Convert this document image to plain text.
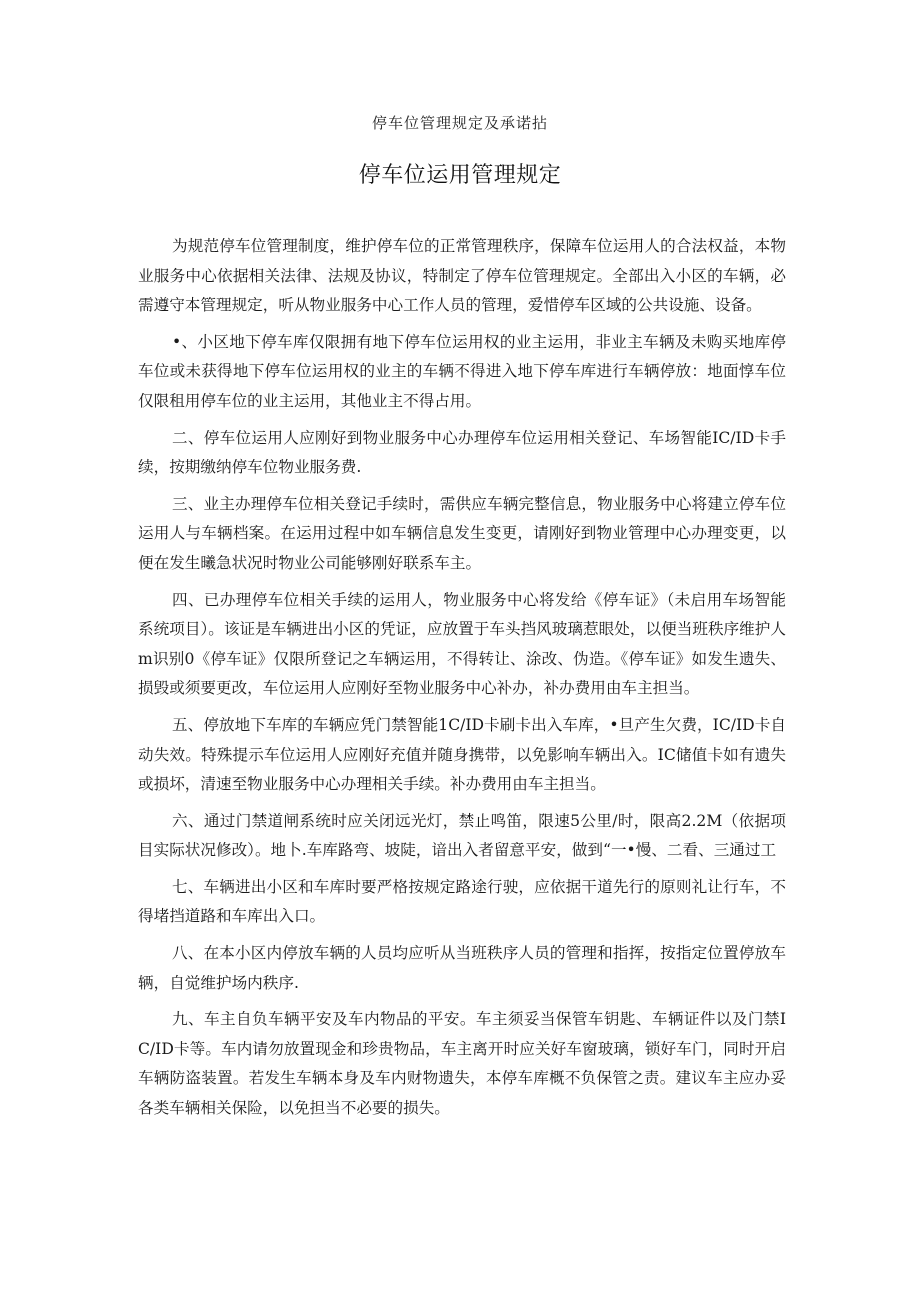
停车位管理规定及承诺拈
停车位运用管理规定

为规范停车位管理制度，维护停车位的正常管理秩序，保障车位运用人的合法权益，本物业服务中心依据相关法律、法规及协议，特制定了停车位管理规定。全部出入小区的车辆，必需遵守本管理规定，听从物业服务中心工作人员的管理，爱惜停车区域的公共设施、设备。

•、小区地下停车库仅限拥有地下停车位运用权的业主运用，非业主车辆及未购买地库停车位或未获得地下停车位运用权的业主的车辆不得进入地下停车库进行车辆停放：地面惇车位仅限租用停车位的业主运用，其他业主不得占用。

二、停车位运用人应刚好到物业服务中心办理停车位运用相关登记、车场智能IC/ID卡手续，按期缴纳停车位物业服务费.

三、业主办理停车位相关登记手续时，需供应车辆完整信息，物业服务中心将建立停车位运用人与车辆档案。在运用过程中如车辆信息发生变更，请刚好到物业管理中心办理变更，以便在发生曦急状况时物业公司能够刚好联系车主。

四、已办理停车位相关手续的运用人，物业服务中心将发给《停车证》（未启用车场智能系统项目）。该证是车辆进出小区的凭证，应放置于车头挡风玻璃惹眼处，以便当班秩序维护人m识别0《停车证》仅限所登记之车辆运用，不得转让、涂改、伪造。《停车证》如发生遗失、损毁或须要更改，车位运用人应刚好至物业服务中心补办，补办费用由车主担当。

五、停放地下车库的车辆应凭门禁智能1C/ID卡刷卡出入车库，•旦产生欠费，IC/ID卡自动失效。特殊提示车位运用人应刚好充值并随身携带，以免影响车辆出入。IC储值卡如有遗失或损坏，清速至物业服务中心办理相关手续。补办费用由车主担当。

六、通过门禁道闸系统时应关闭远光灯，禁止鸣笛，限速5公里/时，限高2.2M（依据项目实际状况修改）。地卜.车库路弯、坡陡，谙出入者留意平安，做到“一•慢、二看、三通过工

七、车辆进出小区和车库时要严格按规定路途行驶，应依据干道先行的原则礼让行车，不得堵挡道路和车库出入口。

八、在本小区内停放车辆的人员均应听从当班秩序人员的管理和指挥，按指定位置停放车辆，自觉维护场内秩序.

九、车主自负车辆平安及车内物品的平安。车主须妥当保管车钥匙、车辆证件以及门禁IC/ID卡等。车内请勿放置现金和珍贵物品，车主离开时应关好车窗玻璃，锁好车门，同时开启车辆防盗装置。若发生车辆本身及车内财物遗失，本停车库概不负保管之责。建议车主应办妥各类车辆相关保险，以免担当不必要的损失。
